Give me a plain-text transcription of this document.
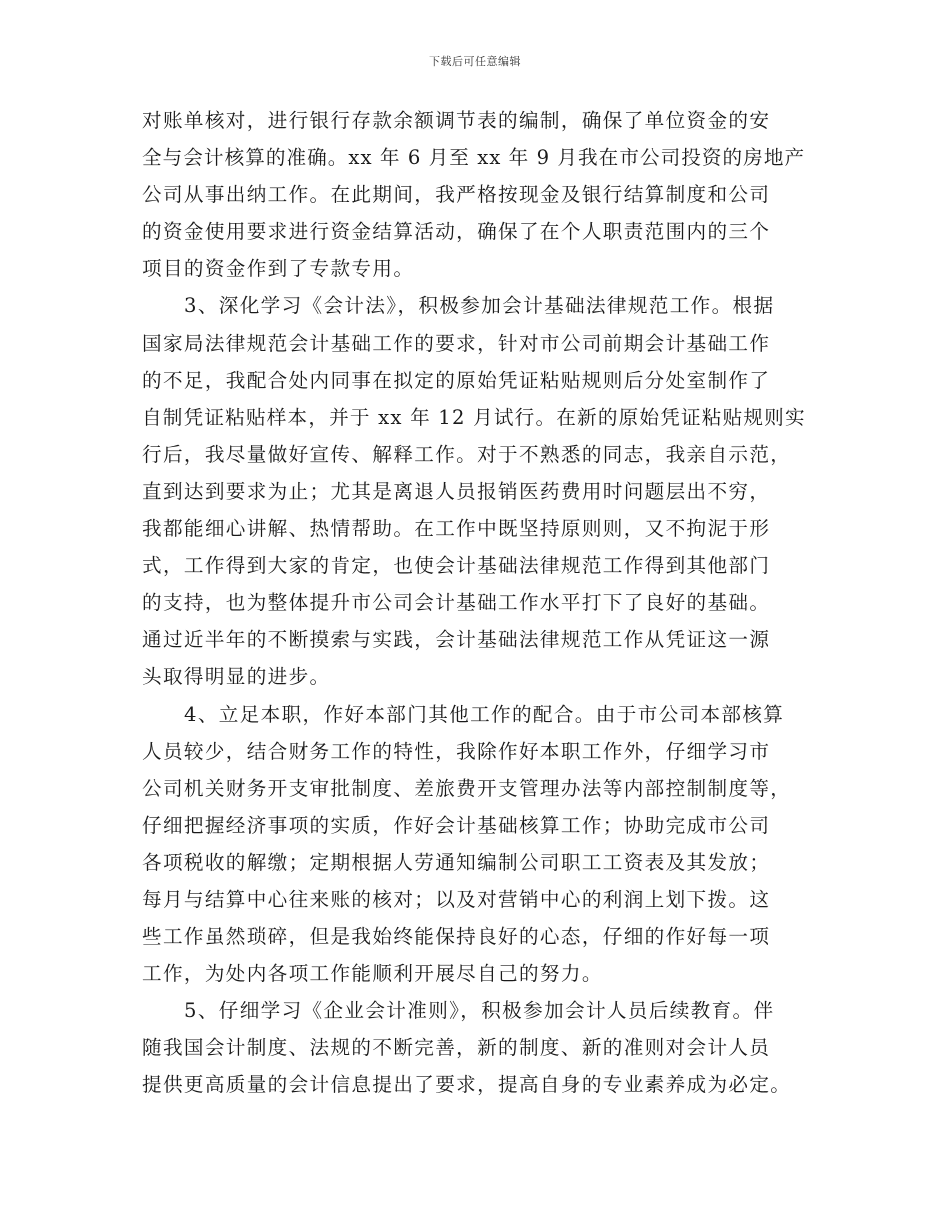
下载后可任意编辑
对账单核对，进行银行存款余额调节表的编制，确保了单位资金的安
全与会计核算的准确。xx 年 6 月至 xx 年 9 月我在市公司投资的房地产
公司从事出纳工作。在此期间，我严格按现金及银行结算制度和公司
的资金使用要求进行资金结算活动，确保了在个人职责范围内的三个
项目的资金作到了专款专用。
3、深化学习《会计法》，积极参加会计基础法律规范工作。根据
国家局法律规范会计基础工作的要求，针对市公司前期会计基础工作
的不足，我配合处内同事在拟定的原始凭证粘贴规则后分处室制作了
自制凭证粘贴样本，并于 xx 年 12 月试行。在新的原始凭证粘贴规则实
行后，我尽量做好宣传、解释工作。对于不熟悉的同志，我亲自示范，
直到达到要求为止；尤其是离退人员报销医药费用时问题层出不穷，
我都能细心讲解、热情帮助。在工作中既坚持原则则，又不拘泥于形
式，工作得到大家的肯定，也使会计基础法律规范工作得到其他部门
的支持，也为整体提升市公司会计基础工作水平打下了良好的基础。
通过近半年的不断摸索与实践，会计基础法律规范工作从凭证这一源
头取得明显的进步。
4、立足本职，作好本部门其他工作的配合。由于市公司本部核算
人员较少，结合财务工作的特性，我除作好本职工作外，仔细学习市
公司机关财务开支审批制度、差旅费开支管理办法等内部控制制度等，
仔细把握经济事项的实质，作好会计基础核算工作；协助完成市公司
各项税收的解缴；定期根据人劳通知编制公司职工工资表及其发放；
每月与结算中心往来账的核对；以及对营销中心的利润上划下拨。这
些工作虽然琐碎，但是我始终能保持良好的心态，仔细的作好每一项
工作，为处内各项工作能顺利开展尽自己的努力。
5、仔细学习《企业会计准则》，积极参加会计人员后续教育。伴
随我国会计制度、法规的不断完善，新的制度、新的准则对会计人员
提供更高质量的会计信息提出了要求，提高自身的专业素养成为必定。
